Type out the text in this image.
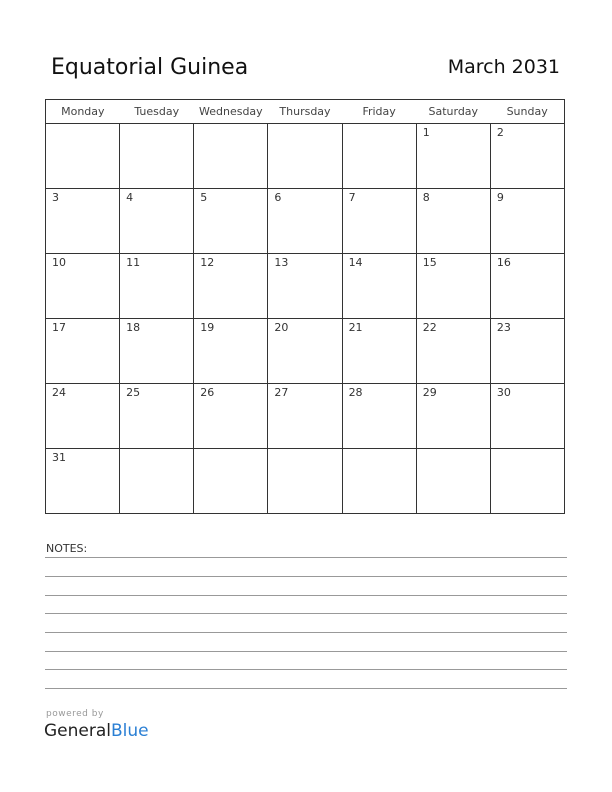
Equatorial Guinea	March 2031
Monday	Tuesday	Wednesday	Thursday	Friday	Saturday	Sunday

					1	2

3	4	5	6	7	8	9

10	11	12	13	14	15	16

17	18	19	20	21	22	23

24	25	26	27	28	29	30

31						

NOTES:
powered by
GeneralBlue
